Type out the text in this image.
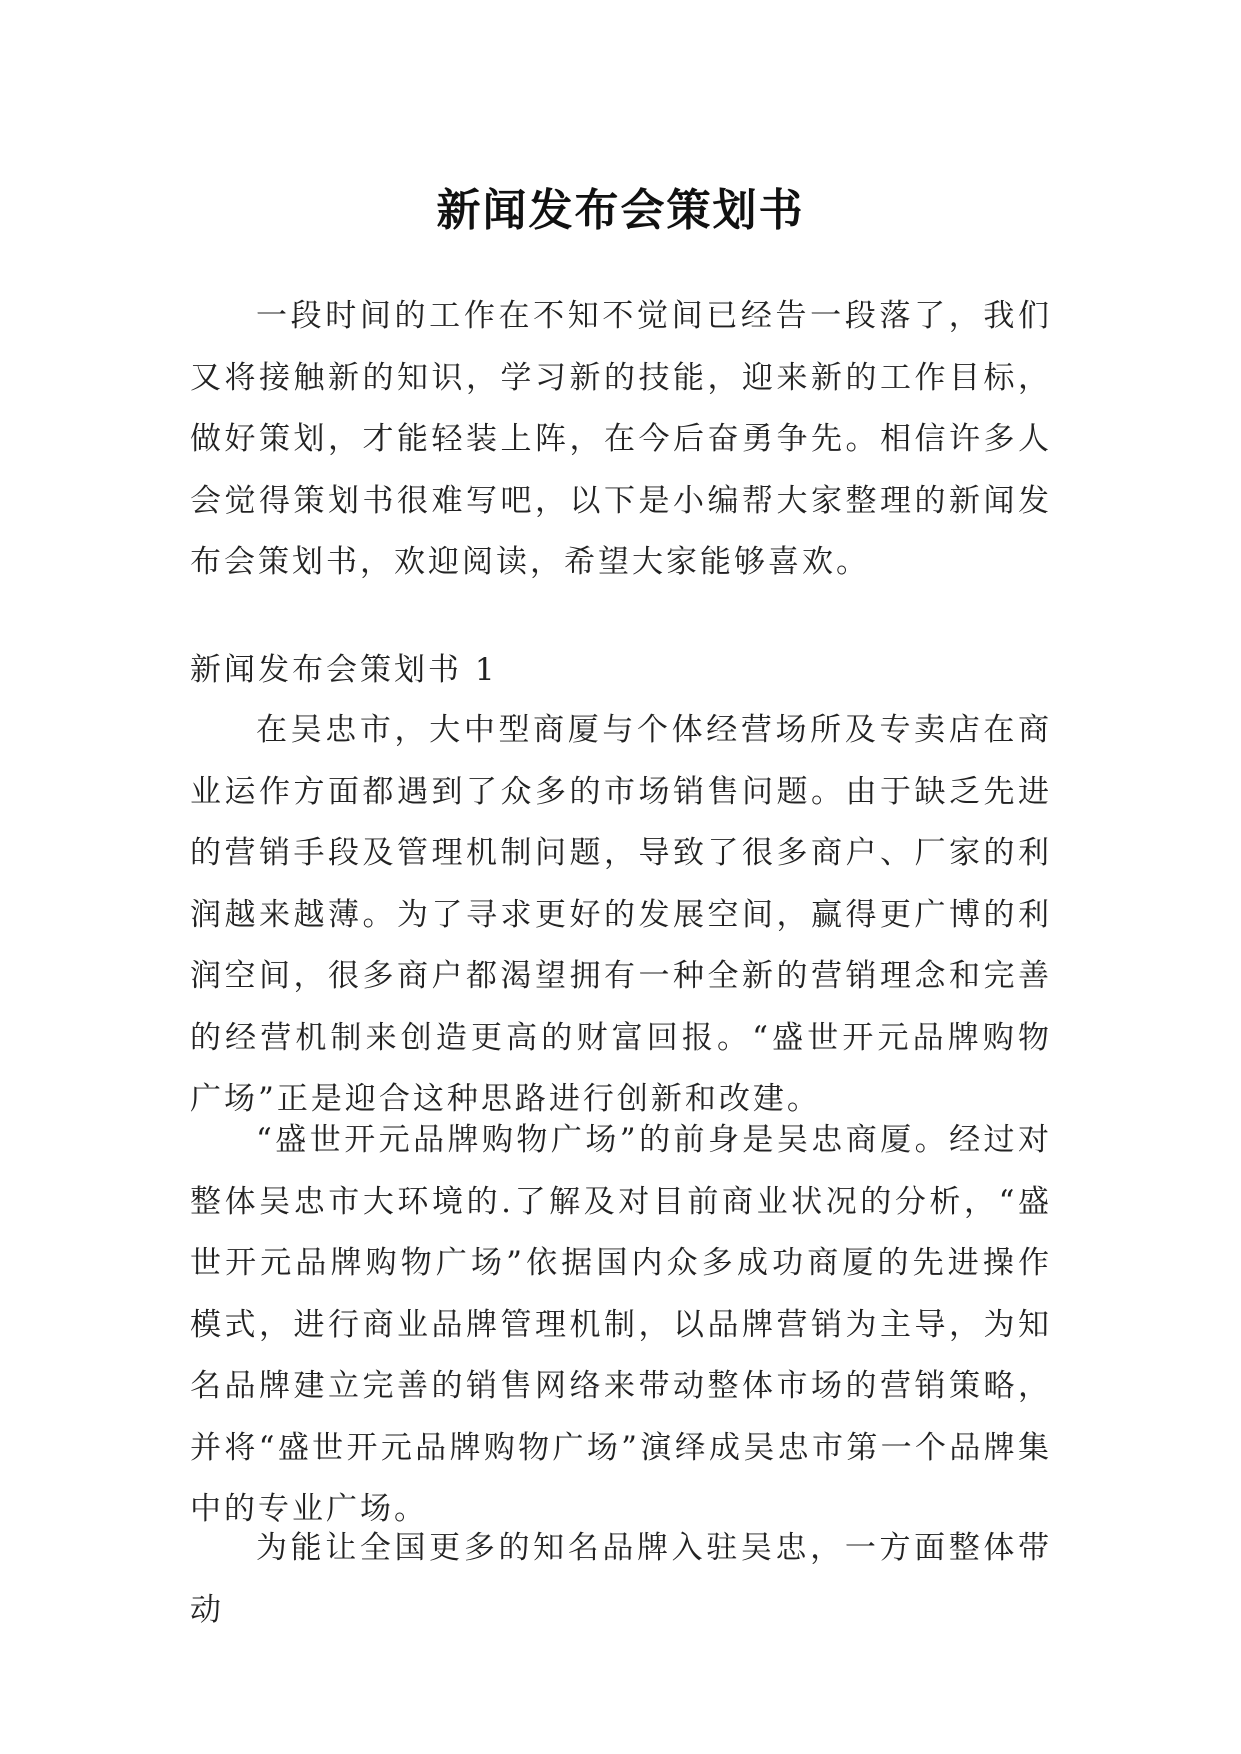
新闻发布会策划书

一段时间的工作在不知不觉间已经告一段落了，我们又将接触新的知识，学习新的技能，迎来新的工作目标，做好策划，才能轻装上阵，在今后奋勇争先。相信许多人会觉得策划书很难写吧，以下是小编帮大家整理的新闻发布会策划书，欢迎阅读，希望大家能够喜欢。

新闻发布会策划书 1

在吴忠市，大中型商厦与个体经营场所及专卖店在商业运作方面都遇到了众多的市场销售问题。由于缺乏先进的营销手段及管理机制问题，导致了很多商户、厂家的利润越来越薄。为了寻求更好的发展空间，赢得更广博的利润空间，很多商户都渴望拥有一种全新的营销理念和完善的经营机制来创造更高的财富回报。“盛世开元品牌购物广场”正是迎合这种思路进行创新和改建。

“盛世开元品牌购物广场”的前身是吴忠商厦。经过对整体吴忠市大环境的.了解及对目前商业状况的分析，“盛世开元品牌购物广场”依据国内众多成功商厦的先进操作模式，进行商业品牌管理机制，以品牌营销为主导，为知名品牌建立完善的销售网络来带动整体市场的营销策略，并将“盛世开元品牌购物广场”演绎成吴忠市第一个品牌集中的专业广场。

为能让全国更多的知名品牌入驻吴忠，一方面整体带动
